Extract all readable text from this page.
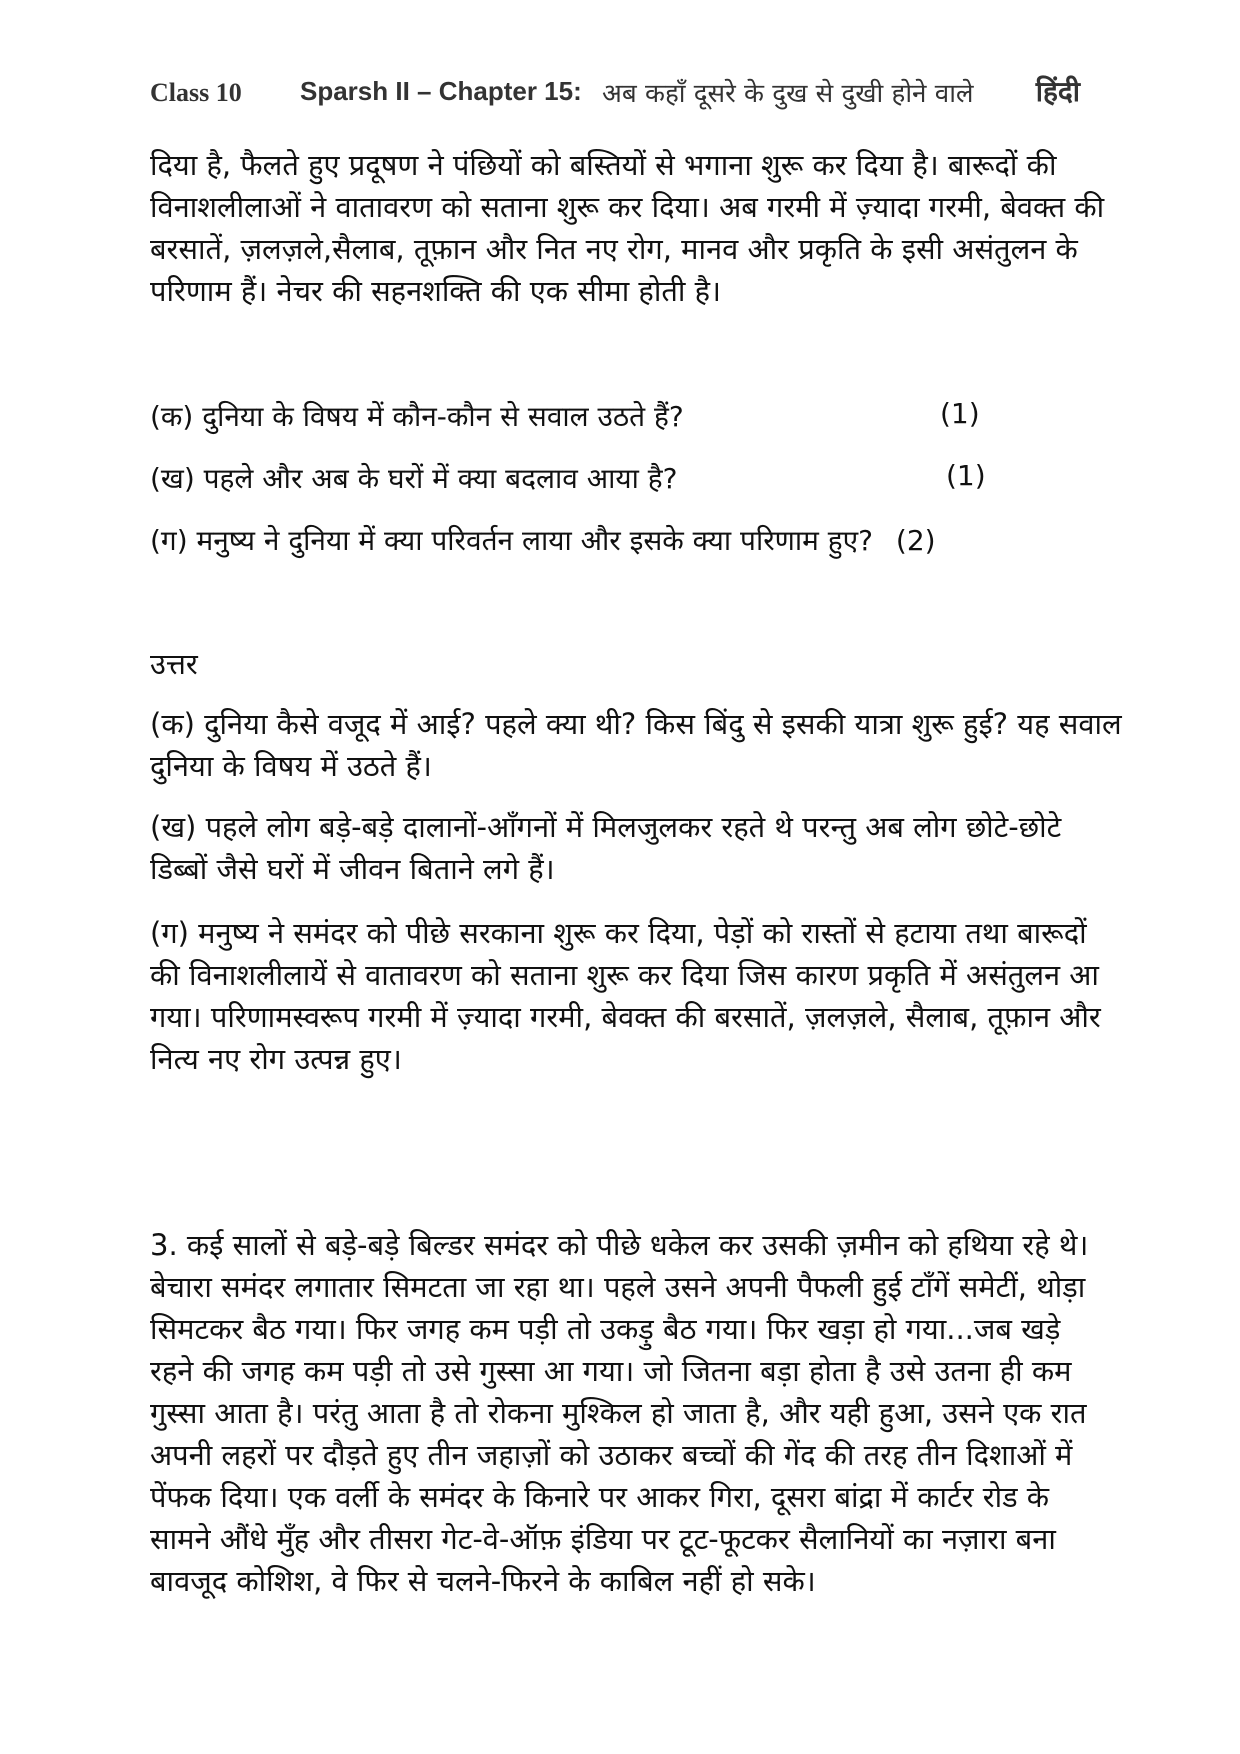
Class 10 Sparsh II – Chapter 15: अब कहाँ दूसरे के दुख से दुखी होने वाले हिंदी
दिया है, फैलते हुए प्रदूषण ने पंछियों को बस्तियों से भगाना शुरू कर दिया है। बारूदों की
विनाशलीलाओं ने वातावरण को सताना शुरू कर दिया। अब गरमी में ज़्यादा गरमी, बेवक्त की
बरसातें, ज़लज़ले,सैलाब, तूफ़ान और नित नए रोग, मानव और प्रकृति के इसी असंतुलन के
परिणाम हैं। नेचर की सहनशक्ति की एक सीमा होती है।
(क) दुनिया के विषय में कौन-कौन से सवाल उठते हैं?	(1)
(ख) पहले और अब के घरों में क्या बदलाव आया है?	(1)
(ग) मनुष्य ने दुनिया में क्या परिवर्तन लाया और इसके क्या परिणाम हुए? (2)
उत्तर
(क) दुनिया कैसे वजूद में आई? पहले क्या थी? किस बिंदु से इसकी यात्रा शुरू हुई? यह सवाल
दुनिया के विषय में उठते हैं।
(ख) पहले लोग बड़े-बड़े दालानों-आँगनों में मिलजुलकर रहते थे परन्तु अब लोग छोटे-छोटे
डिब्बों जैसे घरों में जीवन बिताने लगे हैं।
(ग) मनुष्य ने समंदर को पीछे सरकाना शुरू कर दिया, पेड़ों को रास्तों से हटाया तथा बारूदों
की विनाशलीलायें से वातावरण को सताना शुरू कर दिया जिस कारण प्रकृति में असंतुलन आ
गया। परिणामस्वरूप गरमी में ज़्यादा गरमी, बेवक्त की बरसातें, ज़लज़ले, सैलाब, तूफ़ान और
नित्य नए रोग उत्पन्न हुए।
3. कई सालों से बड़े-बड़े बिल्डर समंदर को पीछे धकेल कर उसकी ज़मीन को हथिया रहे थे।
बेचारा समंदर लगातार सिमटता जा रहा था। पहले उसने अपनी पैफली हुई टाँगें समेटीं, थोड़ा
सिमटकर बैठ गया। फिर जगह कम पड़ी तो उकड़ु बैठ गया। फिर खड़ा हो गया...जब खड़े
रहने की जगह कम पड़ी तो उसे गुस्सा आ गया। जो जितना बड़ा होता है उसे उतना ही कम
गुस्सा आता है। परंतु आता है तो रोकना मुश्किल हो जाता है, और यही हुआ, उसने एक रात
अपनी लहरों पर दौड़ते हुए तीन जहाज़ों को उठाकर बच्चों की गेंद की तरह तीन दिशाओं में
पेंफक दिया। एक वर्ली के समंदर के किनारे पर आकर गिरा, दूसरा बांद्रा में कार्टर रोड के
सामने औंधे मुँह और तीसरा गेट-वे-ऑफ़ इंडिया पर टूट-फूटकर सैलानियों का नज़ारा बना
बावजूद कोशिश, वे फिर से चलने-फिरने के काबिल नहीं हो सके।
